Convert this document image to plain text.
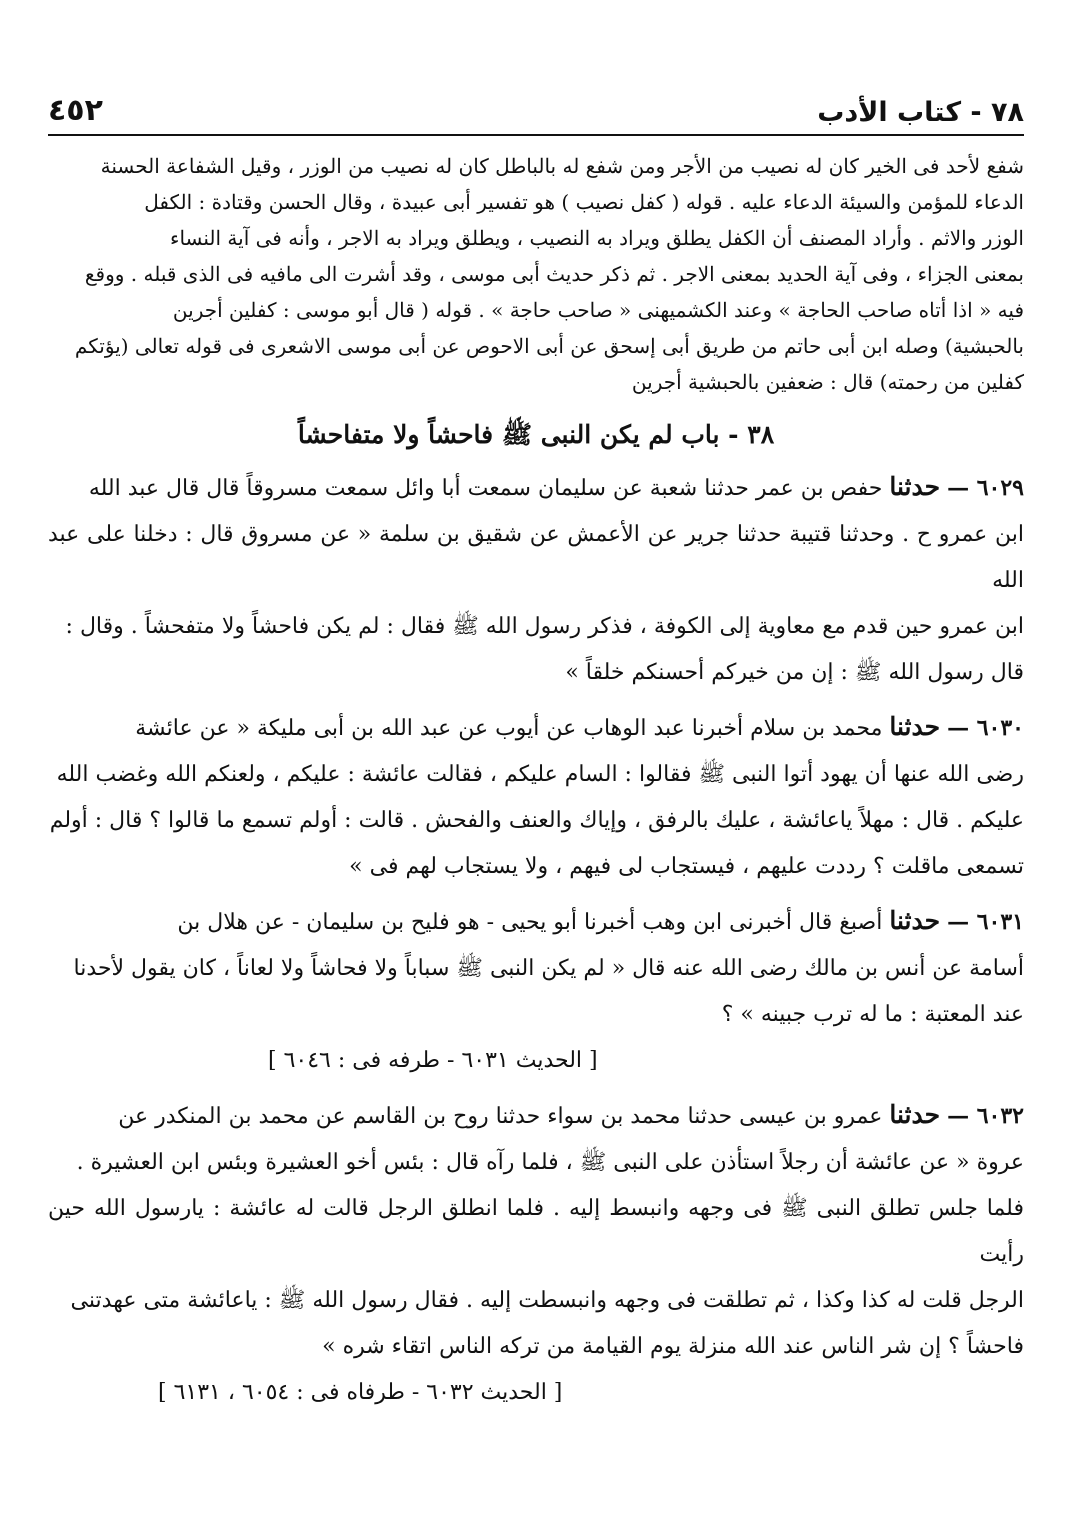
٤٥٢	٧٨ - كتاب الأدب

شفع لأحد فى الخير كان له نصيب من الأجر ومن شفع له بالباطل كان له نصيب من الوزر ، وقيل الشفاعة الحسنة

الدعاء للمؤمن والسيئة الدعاء عليه . قوله ( كفل نصيب ) هو تفسير أبى عبيدة ، وقال الحسن وقتادة : الكفل

الوزر والاثم . وأراد المصنف أن الكفل يطلق ويراد به النصيب ، ويطلق ويراد به الاجر ، وأنه فى آية النساء

بمعنى الجزاء ، وفى آية الحديد بمعنى الاجر . ثم ذكر حديث أبى موسى ، وقد أشرت الى مافيه فى الذى قبله . ووقع

فيه « اذا أتاه صاحب الحاجة » وعند الكشميهنى « صاحب حاجة » . قوله ( قال أبو موسى : كفلين أجرين

بالحبشية) وصله ابن أبى حاتم من طريق أبى إسحق عن أبى الاحوص عن أبى موسى الاشعرى فى قوله تعالى (يؤتكم

كفلين من رحمته) قال : ضعفين بالحبشية أجرين

٣٨ - باب لم يكن النبى ﷺ فاحشاً ولا متفاحشاً

٦٠٢٩ — حدثنا حفص بن عمر حدثنا شعبة عن سليمان سمعت أبا وائل سمعت مسروقاً قال قال عبد الله

ابن عمرو ح . وحدثنا قتيبة حدثنا جرير عن الأعمش عن شقيق بن سلمة « عن مسروق قال : دخلنا على عبد الله

ابن عمرو حين قدم مع معاوية إلى الكوفة ، فذكر رسول الله ﷺ فقال : لم يكن فاحشاً ولا متفحشاً . وقال :

قال رسول الله ﷺ : إن من خيركم أحسنكم خلقاً »

٦٠٣٠ — حدثنا محمد بن سلام أخبرنا عبد الوهاب عن أيوب عن عبد الله بن أبى مليكة « عن عائشة

رضى الله عنها أن يهود أتوا النبى ﷺ فقالوا : السام عليكم ، فقالت عائشة : عليكم ، ولعنكم الله وغضب الله

عليكم . قال : مهلاً ياعائشة ، عليك بالرفق ، وإياك والعنف والفحش . قالت : أولم تسمع ما قالوا ؟ قال : أولم

تسمعى ماقلت ؟ رددت عليهم ، فيستجاب لى فيهم ، ولا يستجاب لهم فى »

٦٠٣١ — حدثنا أصبغ قال أخبرنى ابن وهب أخبرنا أبو يحيى - هو فليح بن سليمان - عن هلال بن

أسامة عن أنس بن مالك رضى الله عنه قال « لم يكن النبى ﷺ سباباً ولا فحاشاً ولا لعاناً ، كان يقول لأحدنا

عند المعتبة : ما له ترب جبينه » ؟

[ الحديث ٦٠٣١ - طرفه فى : ٦٠٤٦ ]

٦٠٣٢ — حدثنا عمرو بن عيسى حدثنا محمد بن سواء حدثنا روح بن القاسم عن محمد بن المنكدر عن

عروة « عن عائشة أن رجلاً استأذن على النبى ﷺ ، فلما رآه قال : بئس أخو العشيرة وبئس ابن العشيرة .

فلما جلس تطلق النبى ﷺ فى وجهه وانبسط إليه . فلما انطلق الرجل قالت له عائشة : يارسول الله حين رأيت

الرجل قلت له كذا وكذا ، ثم تطلقت فى وجهه وانبسطت إليه . فقال رسول الله ﷺ : ياعائشة متى عهدتنى

فاحشاً ؟ إن شر الناس عند الله منزلة يوم القيامة من تركه الناس اتقاء شره »

[ الحديث ٦٠٣٢ - طرفاه فى : ٦٠٥٤ ، ٦١٣١ ]
